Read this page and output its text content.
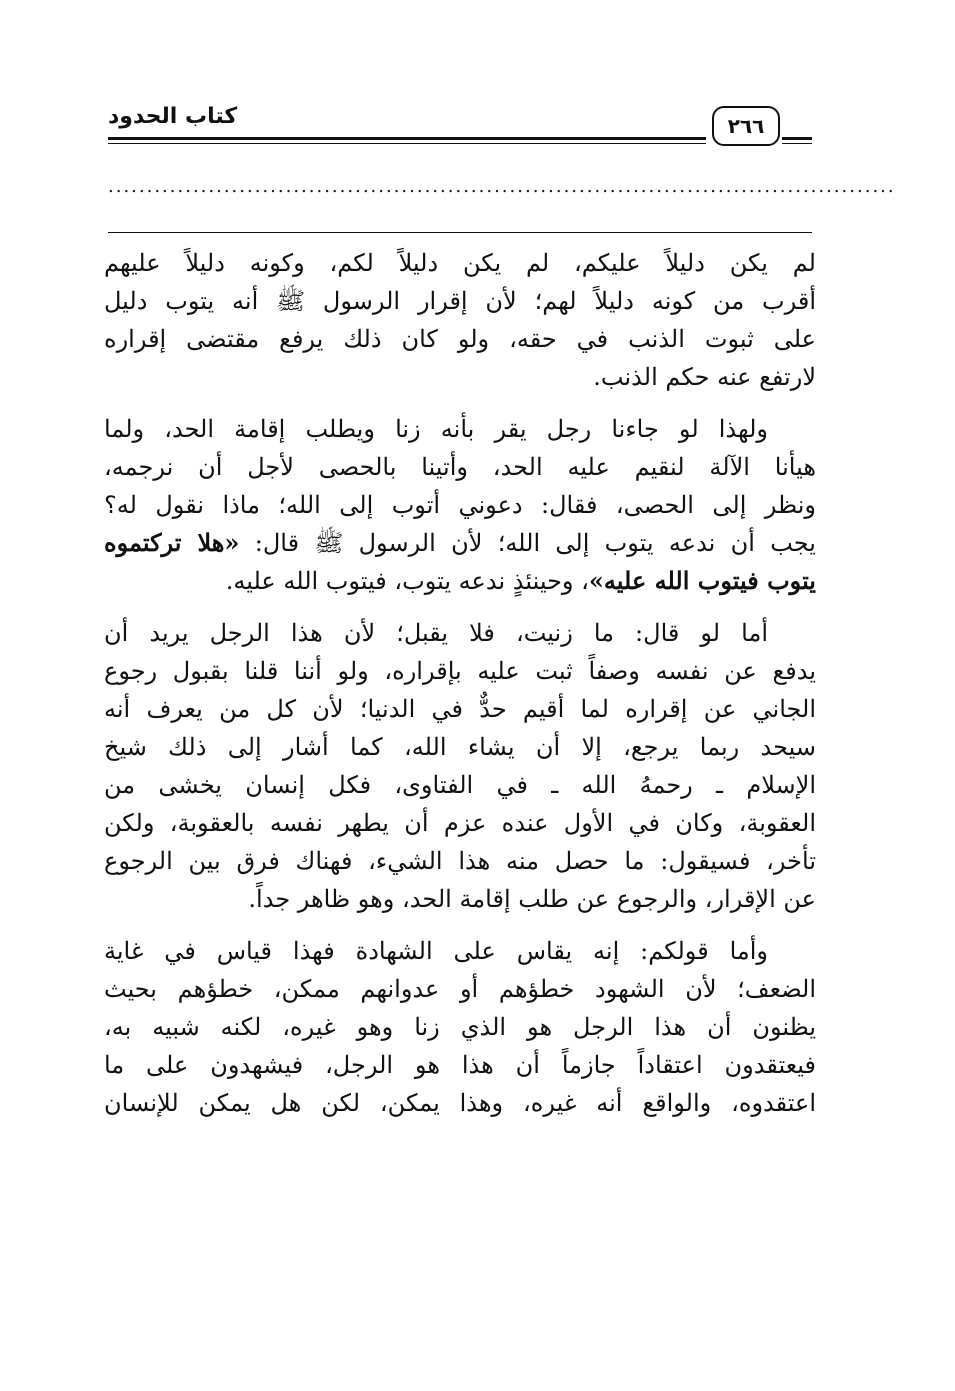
كتاب الحدود	٢٦٦
......................................................................................................
لم يكن دليلاً عليكم، لم يكن دليلاً لكم، وكونه دليلاً عليهم
أقرب من كونه دليلاً لهم؛ لأن إقرار الرسول ﷺ أنه يتوب دليل
على ثبوت الذنب في حقه، ولو كان ذلك يرفع مقتضى إقراره
لارتفع عنه حكم الذنب.
ولهذا لو جاءنا رجل يقر بأنه زنا ويطلب إقامة الحد، ولما
هيأنا الآلة لنقيم عليه الحد، وأتينا بالحصى لأجل أن نرجمه،
ونظر إلى الحصى، فقال: دعوني أتوب إلى الله؛ ماذا نقول له؟
يجب أن ندعه يتوب إلى الله؛ لأن الرسول ﷺ قال: «هلا تركتموه
يتوب فيتوب الله عليه»، وحينئذٍ ندعه يتوب، فيتوب الله عليه.
أما لو قال: ما زنيت، فلا يقبل؛ لأن هذا الرجل يريد أن
يدفع عن نفسه وصفاً ثبت عليه بإقراره، ولو أننا قلنا بقبول رجوع
الجاني عن إقراره لما أقيم حدٌّ في الدنيا؛ لأن كل من يعرف أنه
سيحد ربما يرجع، إلا أن يشاء الله، كما أشار إلى ذلك شيخ
الإسلام ـ رحمهُ الله ـ في الفتاوى، فكل إنسان يخشى من
العقوبة، وكان في الأول عنده عزم أن يطهر نفسه بالعقوبة، ولكن
تأخر، فسيقول: ما حصل منه هذا الشيء، فهناك فرق بين الرجوع
عن الإقرار، والرجوع عن طلب إقامة الحد، وهو ظاهر جداً.
وأما قولكم: إنه يقاس على الشهادة فهذا قياس في غاية
الضعف؛ لأن الشهود خطؤهم أو عدوانهم ممكن، خطؤهم بحيث
يظنون أن هذا الرجل هو الذي زنا وهو غيره، لكنه شبيه به،
فيعتقدون اعتقاداً جازماً أن هذا هو الرجل، فيشهدون على ما
اعتقدوه، والواقع أنه غيره، وهذا يمكن، لكن هل يمكن للإنسان
